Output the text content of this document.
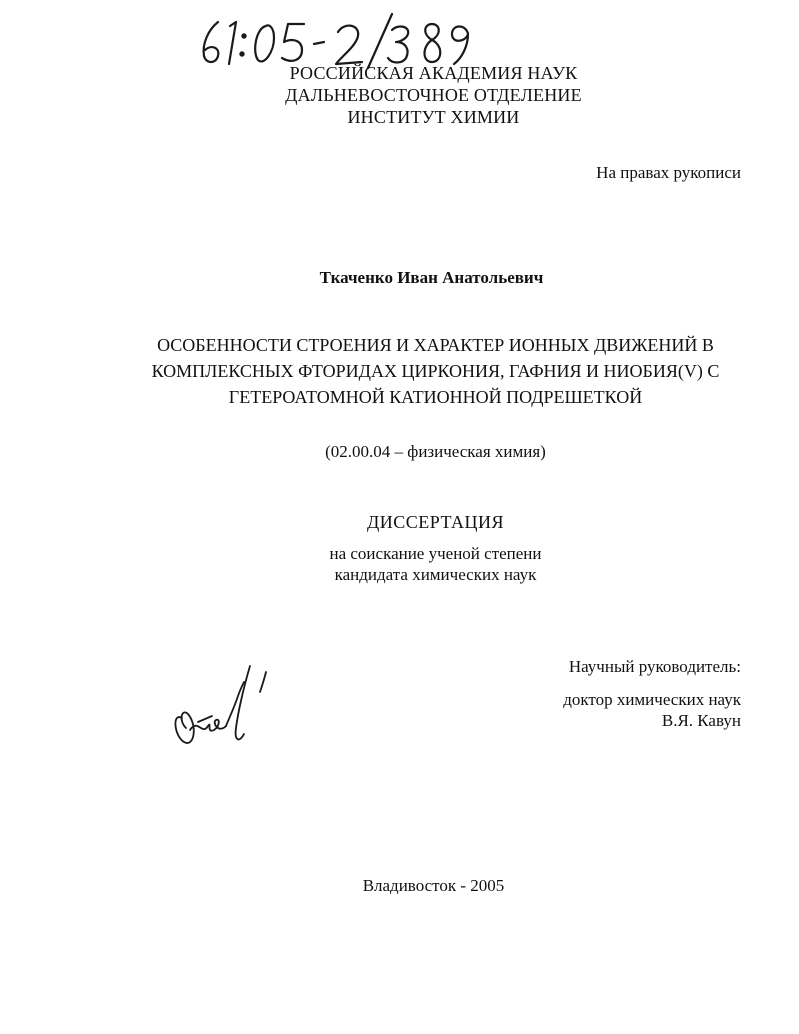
РОССИЙСКАЯ АКАДЕМИЯ НАУК
ДАЛЬНЕВОСТОЧНОЕ ОТДЕЛЕНИЕ
ИНСТИТУТ ХИМИИ
На правах рукописи
Ткаченко Иван Анатольевич
ОСОБЕННОСТИ СТРОЕНИЯ И ХАРАКТЕР ИОННЫХ ДВИЖЕНИЙ В
КОМПЛЕКСНЫХ ФТОРИДАХ ЦИРКОНИЯ, ГАФНИЯ И НИОБИЯ(V) С
ГЕТЕРОАТОМНОЙ КАТИОННОЙ ПОДРЕШЕТКОЙ
(02.00.04 – физическая химия)
ДИССЕРТАЦИЯ
на соискание ученой степени
кандидата химических наук
Научный руководитель:
доктор химических наук
В.Я. Кавун
Владивосток - 2005
